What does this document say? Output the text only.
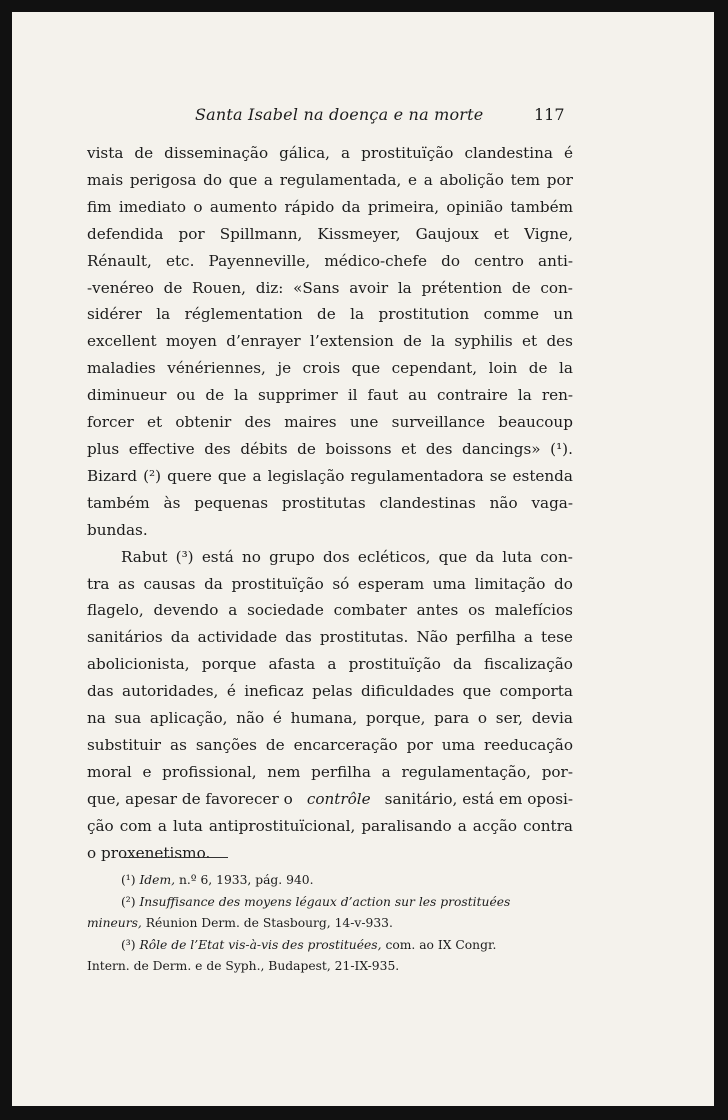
Santa Isabel na doença e na morte	117
vista de disseminação gálica, a prostituïção clandestina é
mais perigosa do que a regulamentada, e a abolição tem por
fim imediato o aumento rápido da primeira, opinião também
defendida por Spillmann, Kissmeyer, Gaujoux et Vigne,
Rénault, etc. Payenneville, médico-chefe do centro anti-
-venéreo de Rouen, diz: «Sans avoir la prétention de con-
sidérer la réglementation de la prostitution comme un
excellent moyen d’enrayer l’extension de la syphilis et des
maladies vénériennes, je crois que cependant, loin de la
diminueur ou de la supprimer il faut au contraire la ren-
forcer et obtenir des maires une surveillance beaucoup
plus effective des débits de boissons et des dancings» (¹).
Bizard (²) quere que a legislação regulamentadora se estenda
também às pequenas prostitutas clandestinas não vaga-
bundas.
Rabut (³) está no grupo dos ecléticos, que da luta con-
tra as causas da prostituïção só esperam uma limitação do
flagelo, devendo a sociedade combater antes os malefícios
sanitários da actividade das prostitutas. Não perfilha a tese
abolicionista, porque afasta a prostituïção da fiscalização
das autoridades, é ineficaz pelas dificuldades que comporta
na sua aplicação, não é humana, porque, para o ser, devia
substituir as sanções de encarceração por uma reeducação
moral e profissional, nem perfilha a regulamentação, por-
que, apesar de favorecer o contrôle sanitário, está em oposi-
ção com a luta antiprostituïcional, paralisando a acção contra
o proxenetismo.
(¹)
Idem,
n.º 6, 1933, pág. 940.
(²)
Insuffisance des moyens légaux d’action sur les prostituées
mineurs,
Réunion Derm. de Stasbourg, 14-v-933.
(³)
Rôle de l’Etat vis-à-vis des prostituées,
com. ao IX Congr.
Intern. de Derm. e de Syph., Budapest, 21-IX-935.
